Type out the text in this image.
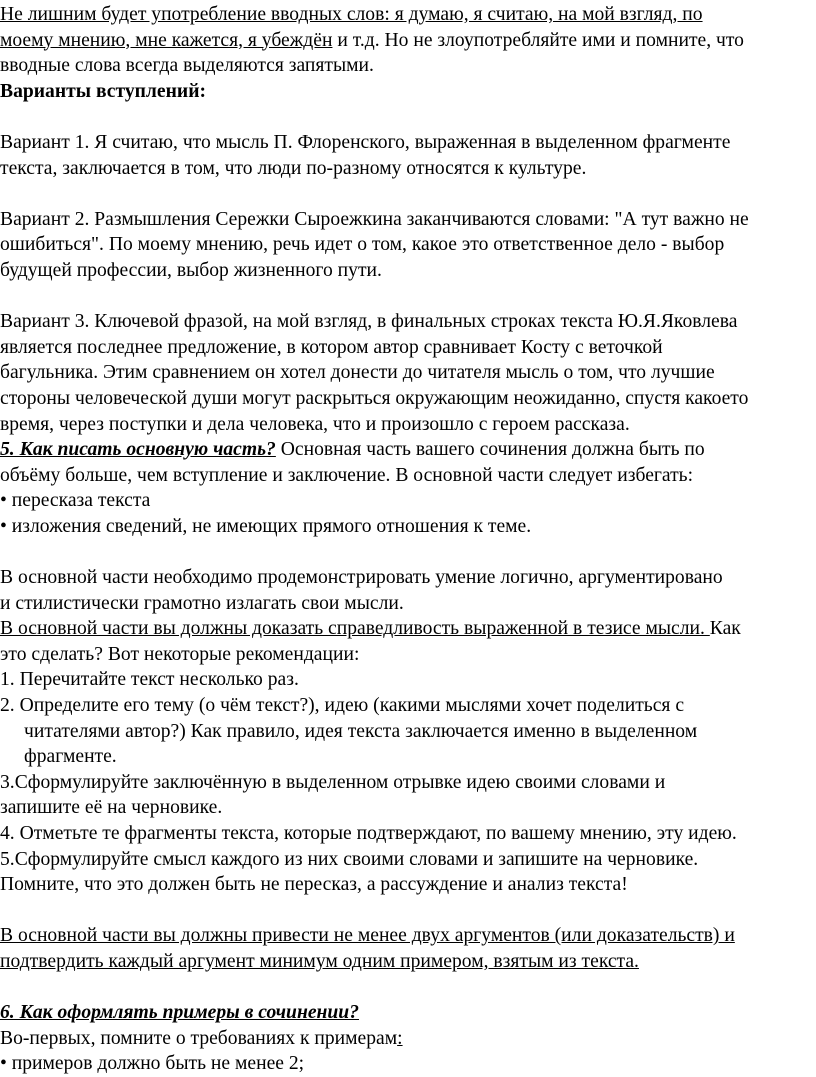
Не лишним будет употребление вводных слов: я думаю, я считаю, на мой взгляд, по
моему мнению, мне кажется, я убеждён и т.д. Но не злоупотребляйте ими и помните, что
вводные слова всегда выделяются запятыми.
Варианты вступлений:
Вариант 1. Я считаю, что мысль П. Флоренского, выраженная в выделенном фрагменте
текста, заключается в том, что люди по-разному относятся к культуре.
Вариант 2. Размышления Сережки Сыроежкина заканчиваются словами: "А тут важно не
ошибиться". По моему мнению, речь идет о том, какое это ответственное дело - выбор
будущей профессии, выбор жизненного пути.
Вариант 3. Ключевой фразой, на мой взгляд, в финальных строках текста Ю.Я.Яковлева
является последнее предложение, в котором автор сравнивает Косту с веточкой
багульника. Этим сравнением он хотел донести до читателя мысль о том, что лучшие
стороны человеческой души могут раскрыться окружающим неожиданно, спустя какоето
время, через поступки и дела человека, что и произошло с героем рассказа.
5. Как писать основную часть? Основная часть вашего сочинения должна быть по
объёму больше, чем вступление и заключение. В основной части следует избегать:
• пересказа текста
• изложения сведений, не имеющих прямого отношения к теме.
В основной части необходимо продемонстрировать умение логично, аргументировано
и стилистически грамотно излагать свои мысли.
В основной части вы должны доказать справедливость выраженной в тезисе мысли. Как
это сделать? Вот некоторые рекомендации:
1. Перечитайте текст несколько раз.
2. Определите его тему (о чём текст?), идею (какими мыслями хочет поделиться с
читателями автор?) Как правило, идея текста заключается именно в выделенном
фрагменте.
3.Сформулируйте заключённую в выделенном отрывке идею своими словами и
запишите её на черновике.
4. Отметьте те фрагменты текста, которые подтверждают, по вашему мнению, эту идею.
5.Сформулируйте смысл каждого из них своими словами и запишите на черновике.
Помните, что это должен быть не пересказ, а рассуждение и анализ текста!
В основной части вы должны привести не менее двух аргументов (или доказательств) и
подтвердить каждый аргумент минимум одним примером, взятым из текста.
6. Как оформлять примеры в сочинении?
Во-первых, помните о требованиях к примерам:
• примеров должно быть не менее 2;
